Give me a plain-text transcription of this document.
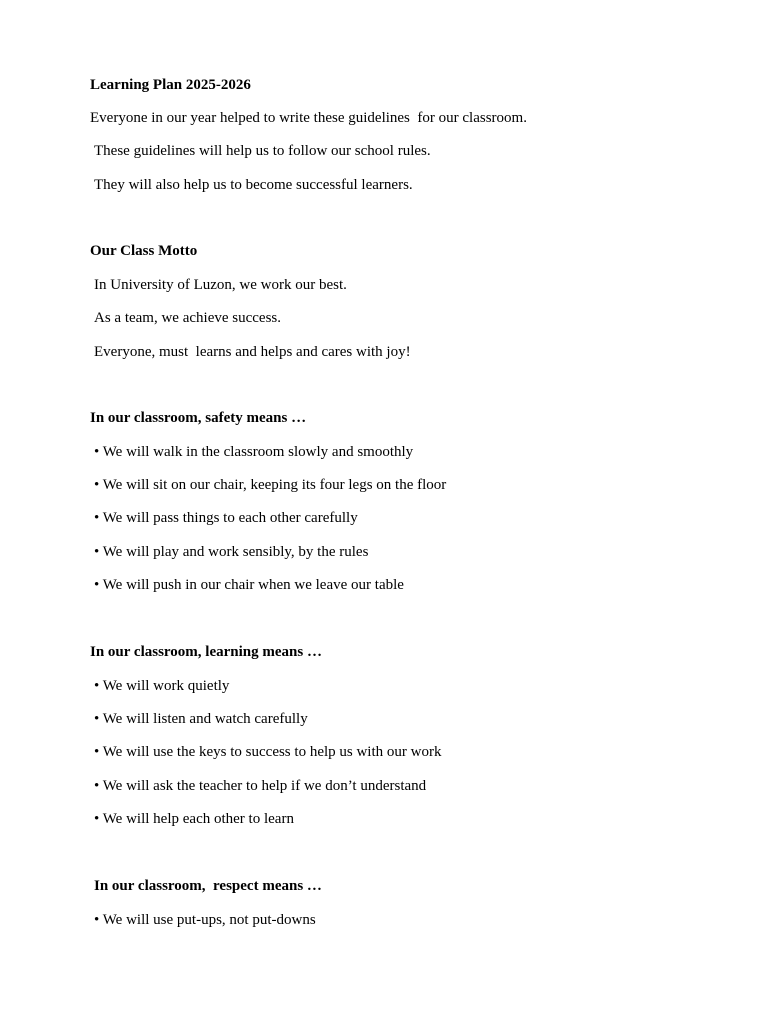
Learning Plan 2025-2026
Everyone in our year helped to write these guidelines  for our classroom.
These guidelines will help us to follow our school rules.
They will also help us to become successful learners.
Our Class Motto
In University of Luzon, we work our best.
As a team, we achieve success.
Everyone, must  learns and helps and cares with joy!
In our classroom, safety means …
• We will walk in the classroom slowly and smoothly
• We will sit on our chair, keeping its four legs on the floor
• We will pass things to each other carefully
• We will play and work sensibly, by the rules
• We will push in our chair when we leave our table
In our classroom, learning means …
• We will work quietly
• We will listen and watch carefully
• We will use the keys to success to help us with our work
• We will ask the teacher to help if we don’t understand
• We will help each other to learn
In our classroom,  respect means …
• We will use put-ups, not put-downs
